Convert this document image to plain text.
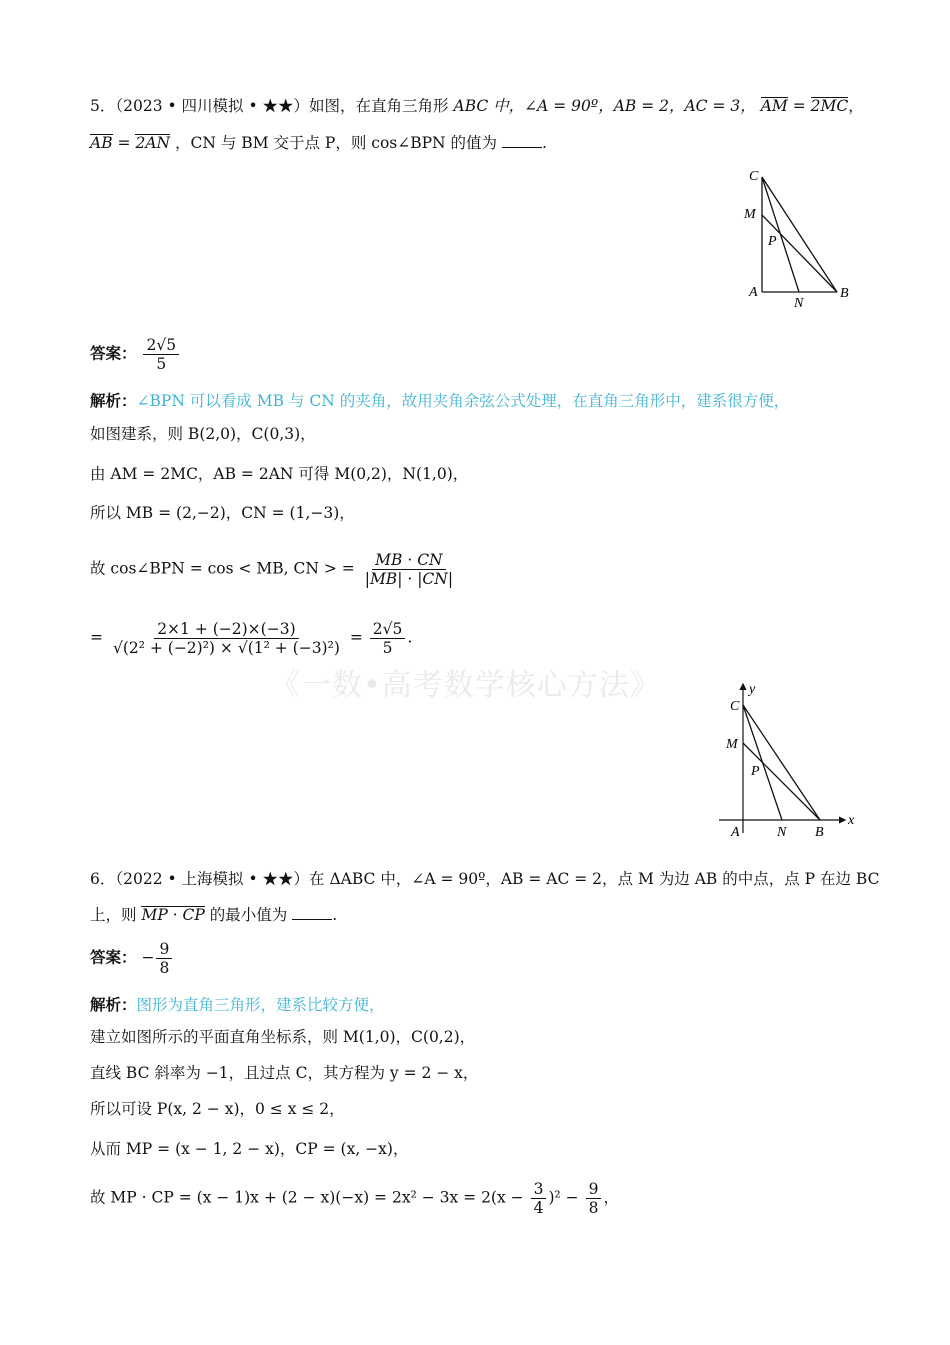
《一数•高考数学核心方法》
5．（2023 • 四川模拟 • ★★）如图，在直角三角形 ABC 中，∠A = 90º，AB = 2，AC = 3， AM = 2MC，
AB = 2AN ，CN 与 BM 交于点 P，则 cos∠BPN 的值为	.
C
M
P
A
N
B
答案： $\frac{2√5}{5}$
解析：∠BPN 可以看成 MB 与 CN 的夹角，故用夹角余弦公式处理，在直角三角形中，建系很方便，
如图建系，则 B(2,0)，C(0,3)，
由 AM = 2MC，AB = 2AN 可得 M(0,2)，N(1,0)，
所以 MB = (2,−2)，CN = (1,−3)，
故 cos∠BPN = cos < MB, CN > = $\frac{MB \cdot CN}{|MB| \cdot |CN|}$
= $\frac{2\times 1 + (-2)\times(-3)}{\text{√(2² + (−2)²) × √(1² + (−3)²)}} = \frac{2√5}{5}$ .
y
x
C
M
P
A	N B
6．（2022 • 上海模拟 • ★★）在 ΔABC 中，∠A = 90º，AB = AC = 2，点 M 为边 AB 的中点，点 P 在边 BC
上，则 MP · CP 的最小值为	.
答案： − $\frac{9}{8}$
解析：图形为直角三角形，建系比较方便，
建立如图所示的平面直角坐标系，则 M(1,0)，C(0,2)，
直线 BC 斜率为 −1，且过点 C，其方程为 y = 2 − x，
所以可设 P(x, 2 − x)，0 ≤ x ≤ 2，
从而 MP = (x − 1, 2 − x)，CP = (x, −x)，
故 MP · CP = $(x - 1)x + (2 - x)(-x) = 2x^2 - 3x = 2(x - \frac{3}{4} )^2 - \frac{9}{8}$ ，
